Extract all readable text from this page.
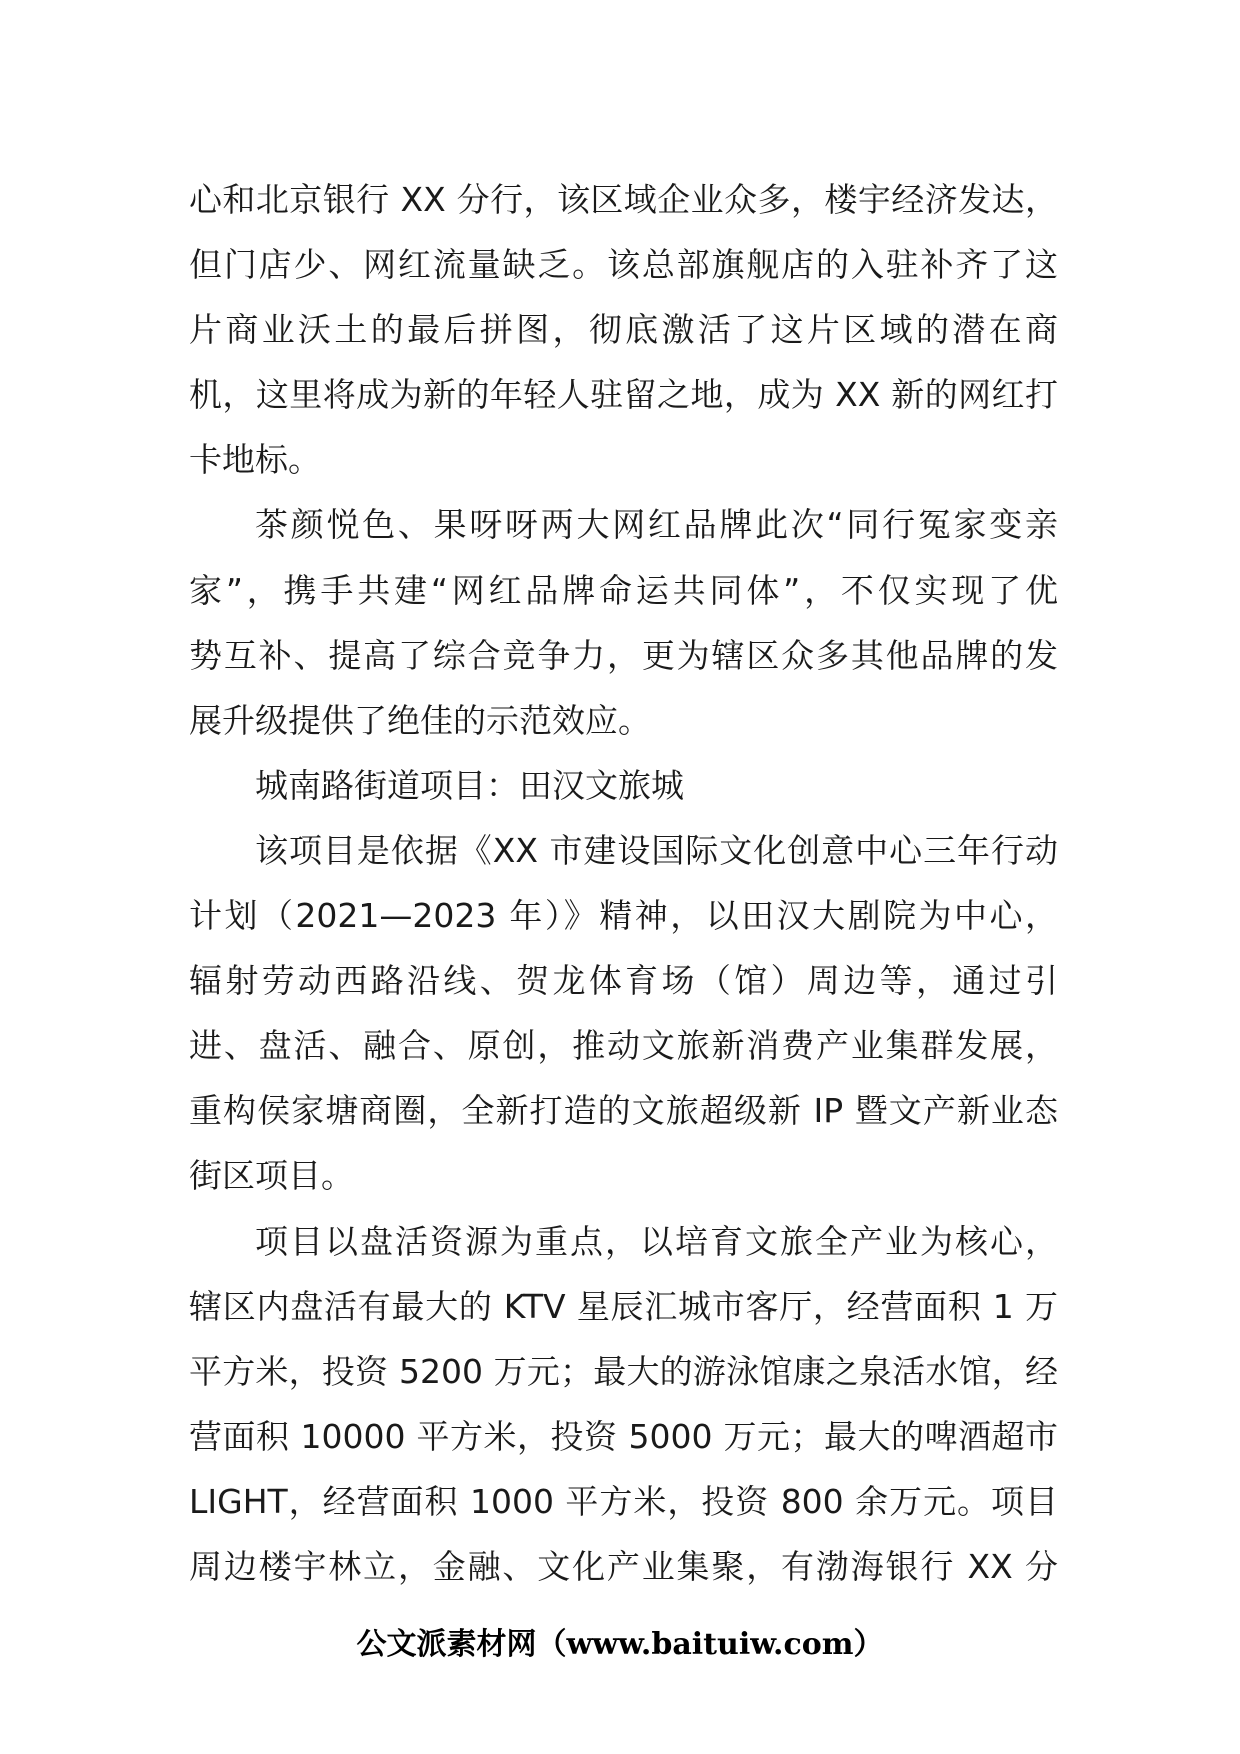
心和北京银行 XX 分行，该区域企业众多，楼宇经济发达，
但门店少、网红流量缺乏。该总部旗舰店的入驻补齐了这
片商业沃土的最后拼图，彻底激活了这片区域的潜在商
机，这里将成为新的年轻人驻留之地，成为 XX 新的网红打
卡地标。
茶颜悦色、果呀呀两大网红品牌此次“同行冤家变亲
家”，携手共建“网红品牌命运共同体”，不仅实现了优
势互补、提高了综合竞争力，更为辖区众多其他品牌的发
展升级提供了绝佳的示范效应。
城南路街道项目：田汉文旅城
该项目是依据《XX 市建设国际文化创意中心三年行动
计划（2021—2023 年）》精神，以田汉大剧院为中心，
辐射劳动西路沿线、贺龙体育场（馆）周边等，通过引
进、盘活、融合、原创，推动文旅新消费产业集群发展，
重构侯家塘商圈，全新打造的文旅超级新 IP 暨文产新业态
街区项目。
项目以盘活资源为重点，以培育文旅全产业为核心，
辖区内盘活有最大的 KTV 星辰汇城市客厅，经营面积 1 万
平方米，投资 5200 万元；最大的游泳馆康之泉活水馆，经
营面积 10000 平方米，投资 5000 万元；最大的啤酒超市
LIGHT，经营面积 1000 平方米，投资 800 余万元。项目
周边楼宇林立，金融、文化产业集聚，有渤海银行 XX 分
公文派素材网（www.baituiw.com）
